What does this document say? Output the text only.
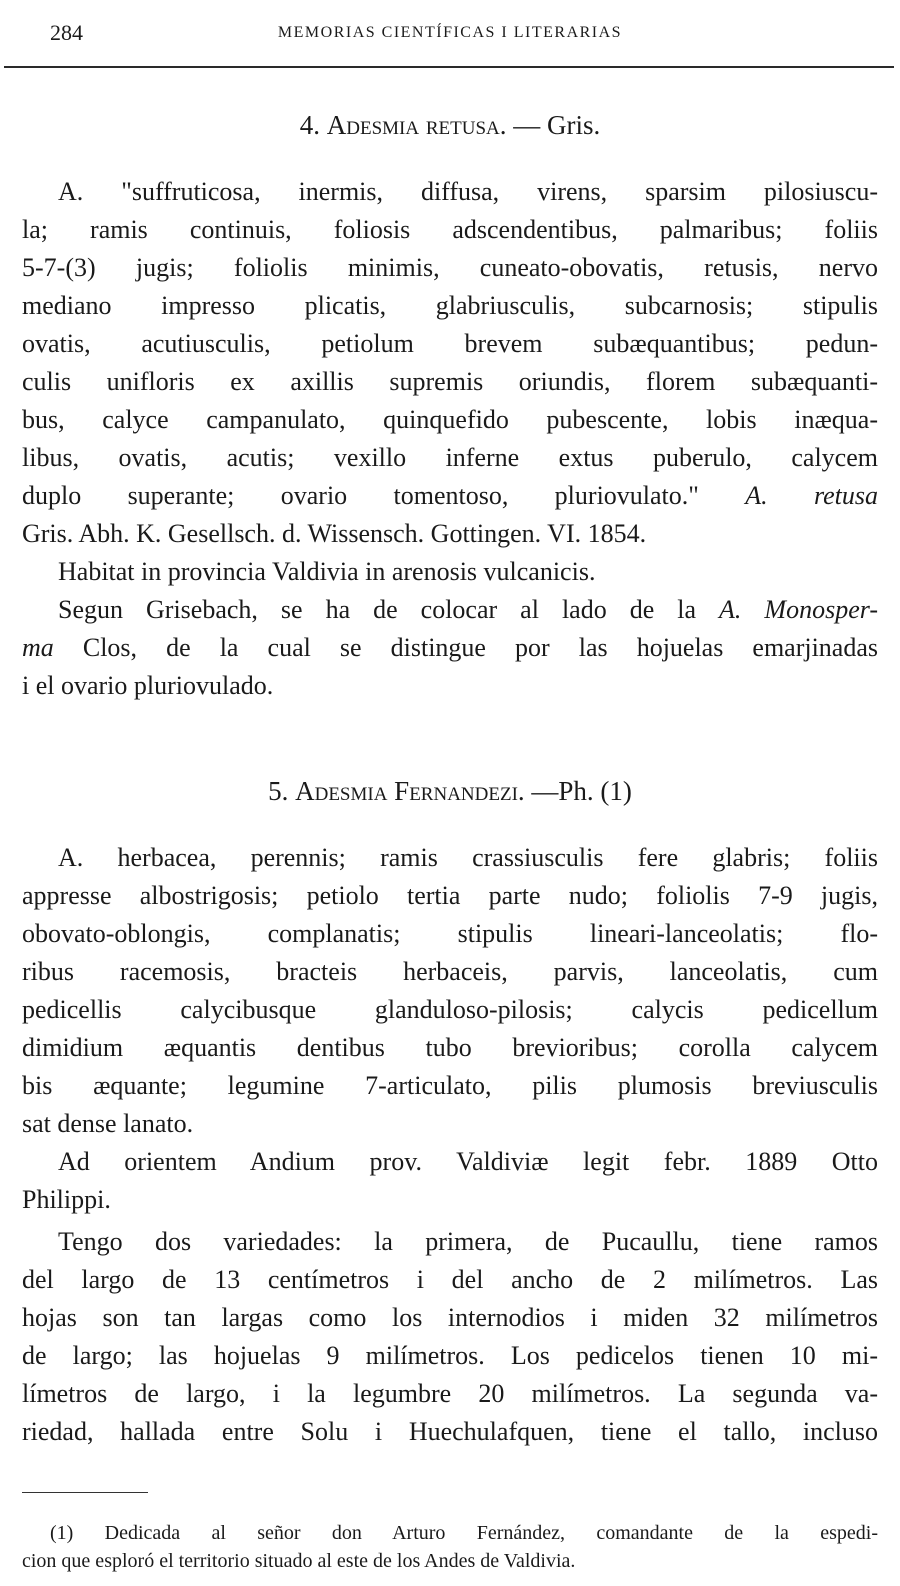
284	MEMORIAS CIENTÍFICAS I LITERARIAS
4. Adesmia retusa. — Gris.
A. "suffruticosa, inermis, diffusa, virens, sparsim pilosiuscu-
la; ramis continuis, foliosis adscendentibus, palmaribus; foliis
5-7-(3) jugis; foliolis minimis, cuneato-obovatis, retusis, nervo
mediano impresso plicatis, glabriusculis, subcarnosis; stipulis
ovatis, acutiusculis, petiolum brevem subæquantibus; pedun-
culis unifloris ex axillis supremis oriundis, florem subæquanti-
bus, calyce campanulato, quinquefido pubescente, lobis inæqua-
libus, ovatis, acutis; vexillo inferne extus puberulo, calycem
duplo superante; ovario tomentoso, pluriovulato." A. retusa
Gris. Abh. K. Gesellsch. d. Wissensch. Gottingen. VI. 1854.
Habitat in provincia Valdivia in arenosis vulcanicis.
Segun Grisebach, se ha de colocar al lado de la A. Monosper-
ma Clos, de la cual se distingue por las hojuelas emarjinadas
i el ovario pluriovulado.
5. Adesmia Fernandezi. —Ph. (1)
A. herbacea, perennis; ramis crassiusculis fere glabris; foliis
appresse albostrigosis; petiolo tertia parte nudo; foliolis 7-9 jugis,
obovato-oblongis, complanatis; stipulis lineari-lanceolatis; flo-
ribus racemosis, bracteis herbaceis, parvis, lanceolatis, cum
pedicellis calycibusque glanduloso-pilosis; calycis pedicellum
dimidium æquantis dentibus tubo brevioribus; corolla calycem
bis æquante; legumine 7-articulato, pilis plumosis breviusculis
sat dense lanato.
Ad orientem Andium prov. Valdiviæ legit febr. 1889 Otto
Philippi.
Tengo dos variedades: la primera, de Pucaullu, tiene ramos
del largo de 13 centímetros i del ancho de 2 milímetros. Las
hojas son tan largas como los internodios i miden 32 milímetros
de largo; las hojuelas 9 milímetros. Los pedicelos tienen 10 mi-
límetros de largo, i la legumbre 20 milímetros. La segunda va-
riedad, hallada entre Solu i Huechulafquen, tiene el tallo, incluso
(1) Dedicada al señor don Arturo Fernández, comandante de la espedi-
cion que esploró el territorio situado al este de los Andes de Valdivia.
